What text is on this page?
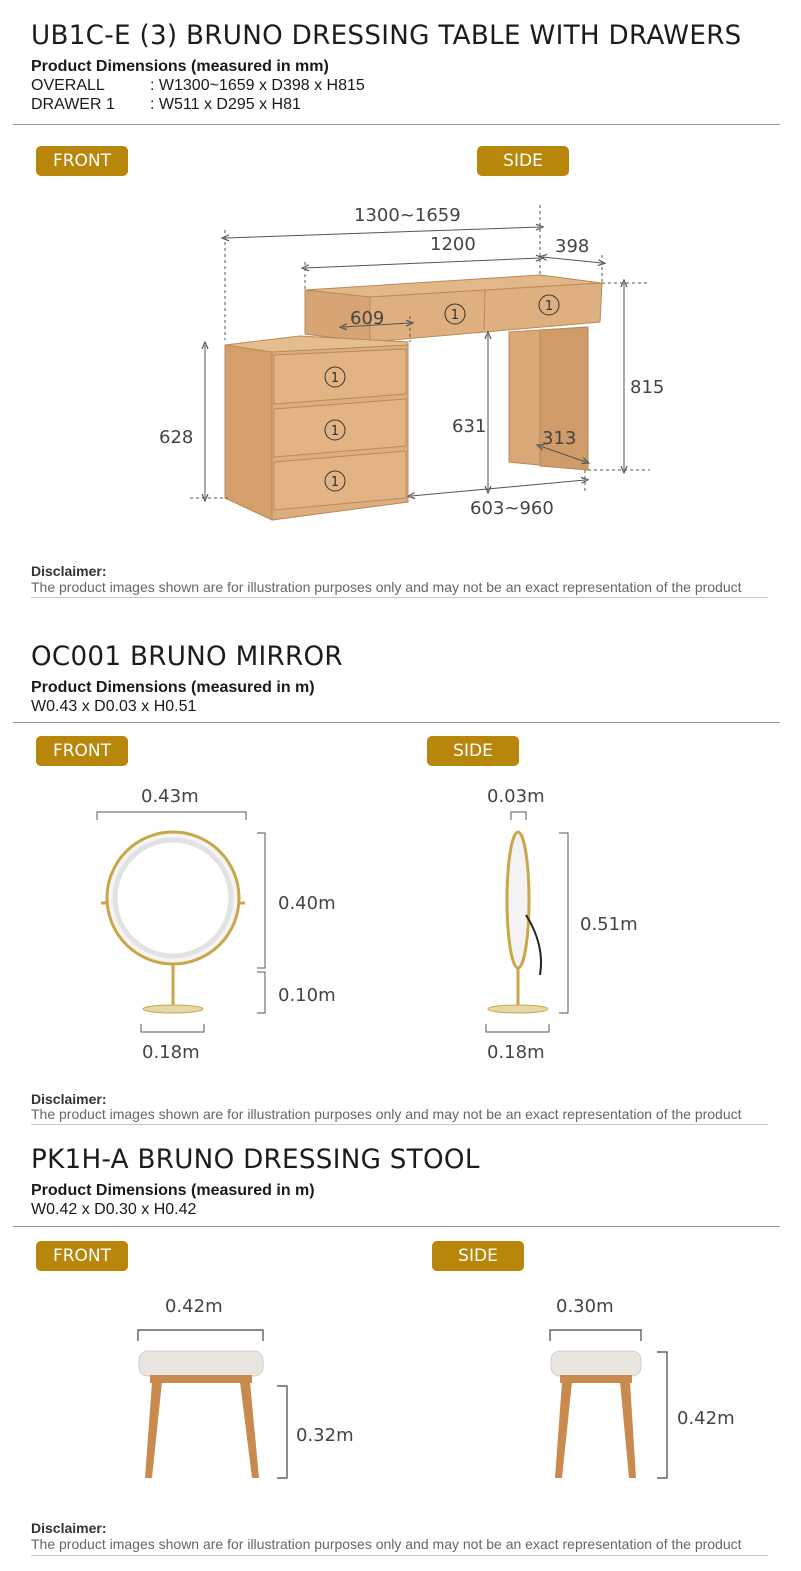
UB1C-E (3) BRUNO DRESSING TABLE WITH DRAWERS
Product Dimensions (measured in mm)
OVERALL	: W1300~1659 x D398 x H815
DRAWER 1 : W511 x D295 x H81
FRONT	SIDE
1
1
1
1
1
1300~1659
1200	398
609
628
631
815
313
603~960
Disclaimer:
The product images shown are for illustration purposes only and may not be an exact representation of the product
OC001 BRUNO MIRROR
Product Dimensions (measured in m)
W0.43 x D0.03 x H0.51
FRONT	SIDE
0.43m
0.40m
0.10m
0.18m
0.03m
0.51m
0.18m
Disclaimer:
The product images shown are for illustration purposes only and may not be an exact representation of the product
PK1H-A BRUNO DRESSING STOOL
Product Dimensions (measured in m)
W0.42 x D0.30 x H0.42
FRONT	SIDE
0.42m
0.32m
0.30m
0.42m
Disclaimer:
The product images shown are for illustration purposes only and may not be an exact representation of the product
